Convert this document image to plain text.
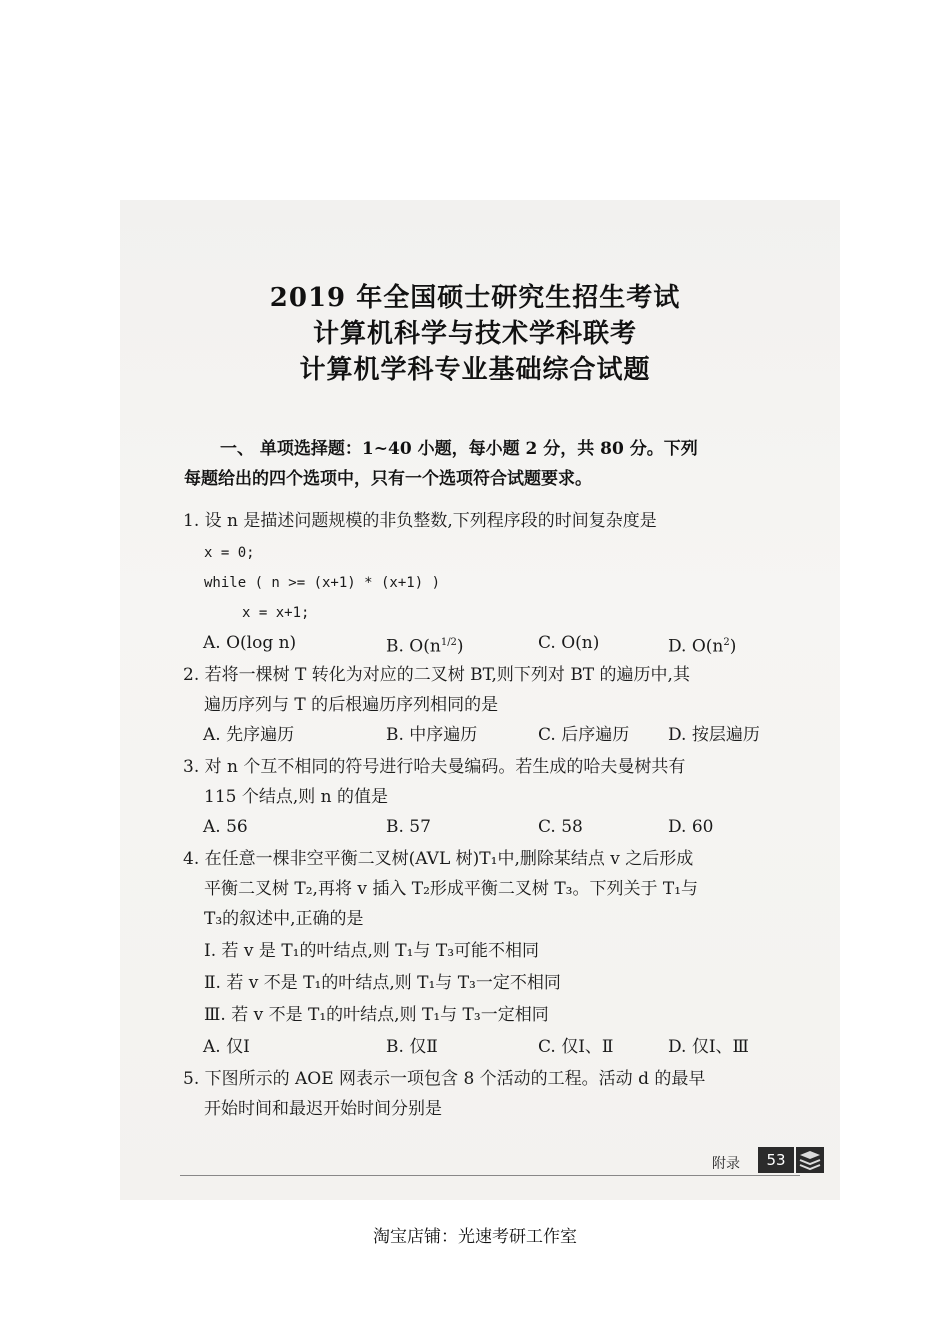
2019 年全国硕士研究生招生考试

计算机科学与技术学科联考

计算机学科专业基础综合试题

一、 单项选择题：1~40 小题，每小题 2 分，共 80 分。下列
每题给出的四个选项中，只有一个选项符合试题要求。
1. 设 n 是描述问题规模的非负整数,下列程序段的时间复杂度是
x = 0;
while ( n >= (x+1) * (x+1) )
x = x+1;
A. O(log n)	B. $O(n^{1/2})$	C. O(n)	D. $O(n^2)$
2. 若将一棵树 T 转化为对应的二叉树 BT,则下列对 BT 的遍历中,其
遍历序列与 T 的后根遍历序列相同的是
A. 先序遍历	B. 中序遍历	C. 后序遍历 D. 按层遍历
3. 对 n 个互不相同的符号进行哈夫曼编码。若生成的哈夫曼树共有
115 个结点,则 n 的值是
A. 56	B. 57	C. 58	D. 60
4. 在任意一棵非空平衡二叉树(AVL 树)T₁中,删除某结点 v 之后形成
平衡二叉树 T₂,再将 v 插入 T₂形成平衡二叉树 T₃。下列关于 T₁与
T₃的叙述中,正确的是
Ⅰ. 若 v 是 T₁的叶结点,则 T₁与 T₃可能不相同
Ⅱ. 若 v 不是 T₁的叶结点,则 T₁与 T₃一定不相同
Ⅲ. 若 v 不是 T₁的叶结点,则 T₁与 T₃一定相同
A. 仅Ⅰ	B. 仅Ⅱ	C. 仅Ⅰ、Ⅱ	D. 仅Ⅰ、Ⅲ
5. 下图所示的 AOE 网表示一项包含 8 个活动的工程。活动 d 的最早
开始时间和最迟开始时间分别是
附录	53
淘宝店铺：光速考研工作室
